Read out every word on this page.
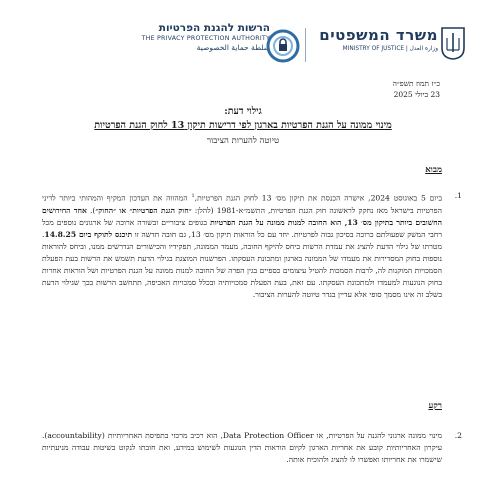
הרשות להגנת הפרטיות
THE PRIVACY PROTECTION AUTHORITY
سلطة حماية الخصوصية
משרד המשפטים
MINISTRY OF JUSTICE | وزارة العدل
כ״ז תמוז תשפ״ה
23 ביולי 2025
גילוי דעת:
מינוי ממונה על הגנת הפרטיות בארגון לפי דרישות תיקון 13 לחוק הגנת הפרטיות
טיוטה להערות הציבור
מבוא
1.
ביום 5 באוגוסט 2024, אישרה הכנסת את תיקון מס׳ 13 לחוק הגנת הפרטיות,$^1$ המהווה את העדכון המקיף והמהותי ביותר לדיני הפרטיות בישראל מאז נחקק לראשונה חוק הגנת הפרטיות, התשמ״א-1981 (להלן: ״חוק הגנת הפרטיות״ או ״החוק״). אחד החידושים החשובים ביותר בתיקון מס׳ 13, הוא החובה למנות ממונה על הגנת הפרטיות בגופים ציבוריים ובשורה ארוכה של ארגונים נוספים מכל רחבי המשק שפעולתם כרוכה בסיכון גבוה לפרטיות. יחד עם כל הוראות תיקון מס׳ 13, גם חובה חדשה זו תיכנס לתוקף ביום 14.8.25. מטרתו של גילוי הדעת להציג את עמדת הרשות ביחס להיקף החובה, מעמד הממונה, תפקידיו והכישורים הנדרשים ממנו, וביחס להוראות נוספות בחוק המסדירות את מעמדו של הממונה בארגון ומתכונת העסקתו. הפרשנות המוצגת בגילוי הדעת תשמש את הרשות בעת הפעלת הסמכויות המוקנות לה, לרבות הסמכות להטיל עיצומים כספיים בגין הפרה של החובה למנות ממונה על הגנת הפרטיות ושל הוראות אחרות בחוק הנוגעות למעמדו ולמתכונת העסקתו. עם זאת, בעת הפעלת סמכויותיה ובכלל סמכויות האכיפה, תתחשב הרשות בכך שגילוי הדעת בשלב זה אינו מסמך סופי אלא עדיין בגדר טיוטה להערות הציבור.
רקע
2.
מינוי ממונה ארגוני להגנה על הפרטיות, או Data Protection Officer, הוא רכיב מרכזי בתפיסת האחריותיות (accountability). עיקרון האחריותיות קובע את אחריות הארגון לקיום הוראות הדין הנוגעות לשימוש במידע, ואת חובתו לנקוט בשיטות עבודה מניעתיות שישמרו את אחריותו ואפשרו לו להציג ולהוכיח אותה.
